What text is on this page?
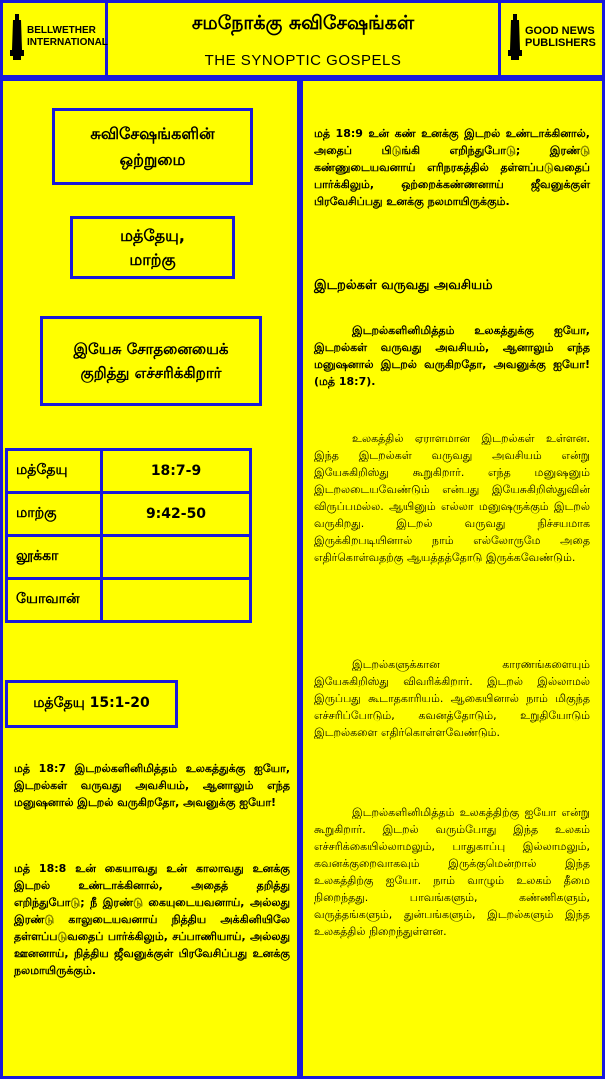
BELLWETHER
INTERNATIONAL
சமநோக்கு சுவிசேஷங்கள்
THE SYNOPTIC GOSPELS
GOOD NEWS
PUBLISHERS
சுவிசேஷங்களின் ஒற்றுமை
மத்தேயு, மாற்கு
இயேசு சோதனையைக் குறித்து எச்சரிக்கிறார்
மத்தேயு	18:7-9
மாற்கு	9:42-50
லூக்கா	
யோவான்	
மத்தேயு 15:1-20
மத் 18:7 இடறல்களினிமித்தம் உலகத்துக்கு ஐயோ, இடறல்கள் வருவது அவசியம், ஆனாலும் எந்த மனுஷனால் இடறல் வருகிறதோ, அவனுக்கு ஐயோ!
மத் 18:8 உன் கையாவது உன் காலாவது உனக்கு இடறல் உண்டாக்கினால், அதைத் தறித்து எறிந்துபோடு; நீ இரண்டு கையுடையவனாய், அல்லது இரண்டு காலுடையவனாய் நித்திய அக்கினியிலே தள்ளப்படுவதைப் பார்க்கிலும், சப்பாணியாய், அல்லது ஊனனாய், நித்திய ஜீவனுக்குள் பிரவேசிப்பது உனக்கு நலமாயிருக்கும்.
மத் 18:9 உன் கண் உனக்கு இடறல் உண்டாக்கினால், அதைப் பிடுங்கி எறிந்துபோடு; இரண்டு கண்ணுடையவனாய் எரிநரகத்தில் தள்ளப்படுவதைப் பார்க்கிலும், ஒற்றைக்கண்ணனாய் ஜீவனுக்குள் பிரவேசிப்பது உனக்கு நலமாயிருக்கும்.
இடறல்கள் வருவது அவசியம்
இடறல்களினிமித்தம் உலகத்துக்கு ஐயோ, இடறல்கள் வருவது அவசியம், ஆனாலும் எந்த மனுஷனால் இடறல் வருகிறதோ, அவனுக்கு ஐயோ! (மத் 18:7).
உலகத்தில் ஏராளமான இடறல்கள் உள்ளன. இந்த இடறல்கள் வருவது அவசியம் என்று இயேசுகிறிஸ்து கூறுகிறார். எந்த மனுஷனும் இடறலடையவேண்டும் என்பது இயேசுகிறிஸ்துவின் விருப்பமல்ல. ஆயினும் எல்லா மனுஷருக்கும் இடறல் வருகிறது. இடறல் வருவது நிச்சயமாக இருக்கிறபடியினால் நாம் எல்லோருமே அதை எதிர்கொள்வதற்கு ஆயத்தத்தோடு இருக்கவேண்டும்.
இடறல்களுக்கான காரணங்களையும் இயேசுகிறிஸ்து விவரிக்கிறார். இடறல் இல்லாமல் இருப்பது கூடாதகாரியம். ஆகையினால் நாம் மிகுந்த எச்சரிப்போடும், கவனத்தோடும், உறுதியோடும் இடறல்களை எதிர்கொள்ளவேண்டும்.
இடறல்களினிமித்தம் உலகத்திற்கு ஐயோ என்று கூறுகிறார். இடறல் வரும்போது இந்த உலகம் எச்சரிக்கையில்லாமலும், பாதுகாப்பு இல்லாமலும், கவனக்குறைவாகவும் இருக்குமென்றால் இந்த உலகத்திற்கு ஐயோ. நாம் வாழும் உலகம் தீமை நிறைந்தது. பாவங்களும், கண்ணிகளும், வருத்தங்களும், துன்பங்களும், இடறல்களும் இந்த உலகத்தில் நிறைந்துள்ளன.
